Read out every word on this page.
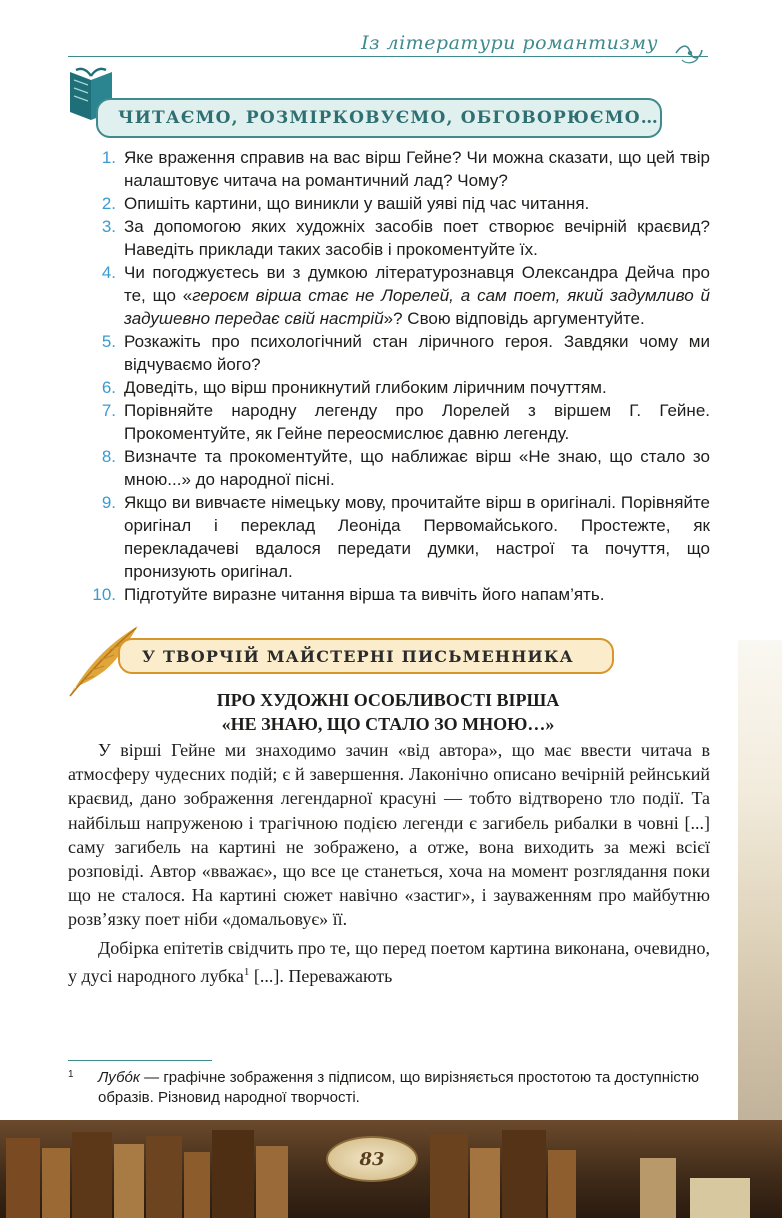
Із літератури романтизму
ЧИТАЄМО, РОЗМІРКОВУЄМО, ОБГОВОРЮЄМО…
1. Яке враження справив на вас вірш Гейне? Чи можна сказати, що цей твір налаштовує читача на романтичний лад? Чому?
2. Опишіть картини, що виникли у вашій уяві під час читання.
3. За допомогою яких художніх засобів поет створює вечірній краєвид? Наведіть приклади таких засобів і прокоментуйте їх.
4. Чи погоджуєтесь ви з думкою літературознавця Олександра Дейча про те, що «героєм вірша стає не Лорелей, а сам поет, який задумливо й задушевно передає свій настрій»? Свою відповідь аргументуйте.
5. Розкажіть про психологічний стан ліричного героя. Завдяки чому ми відчуваємо його?
6. Доведіть, що вірш проникнутий глибоким ліричним почуттям.
7. Порівняйте народну легенду про Лорелей з віршем Г. Гейне. Прокоментуйте, як Гейне переосмислює давню легенду.
8. Визначте та прокоментуйте, що наближає вірш «Не знаю, що стало зо мною...» до народної пісні.
9. Якщо ви вивчаєте німецьку мову, прочитайте вірш в оригіналі. Порівняйте оригінал і переклад Леоніда Первомайського. Простежте, як перекладачеві вдалося передати думки, настрої та почуття, що пронизують оригінал.
10. Підготуйте виразне читання вірша та вивчіть його напам’ять.
У ТВОРЧІЙ МАЙСТЕРНІ ПИСЬМЕННИКА
ПРО ХУДОЖНІ ОСОБЛИВОСТІ ВІРША
«НЕ ЗНАЮ, ЩО СТАЛО ЗО МНОЮ…»

У вірші Гейне ми знаходимо зачин «від автора», що має ввести читача в атмосферу чудесних подій; є й завершення. Лаконічно описано вечірній рейнський краєвид, дано зображення легендарної красуні — тобто відтворено тло події. Та найбільш напруженою і трагічною подією легенди є загибель рибалки в човні [...] саму загибель на картині не зображено, а отже, вона виходить за межі всієї розповіді. Автор «вважає», що все це станеться, хоча на момент розглядання поки що не сталося. На картині сюжет навічно «застиг», і зауваженням про майбутню розв’язку поет ніби «домальовує» її.

Добірка епітетів свідчить про те, що перед поетом картина виконана, очевидно, у дусі народного лубка$^1$ [...]. Переважають

1	Лубóк — графічне зображення з підписом, що вирізняється простотою та доступністю образів. Різновид народної творчості.
83
